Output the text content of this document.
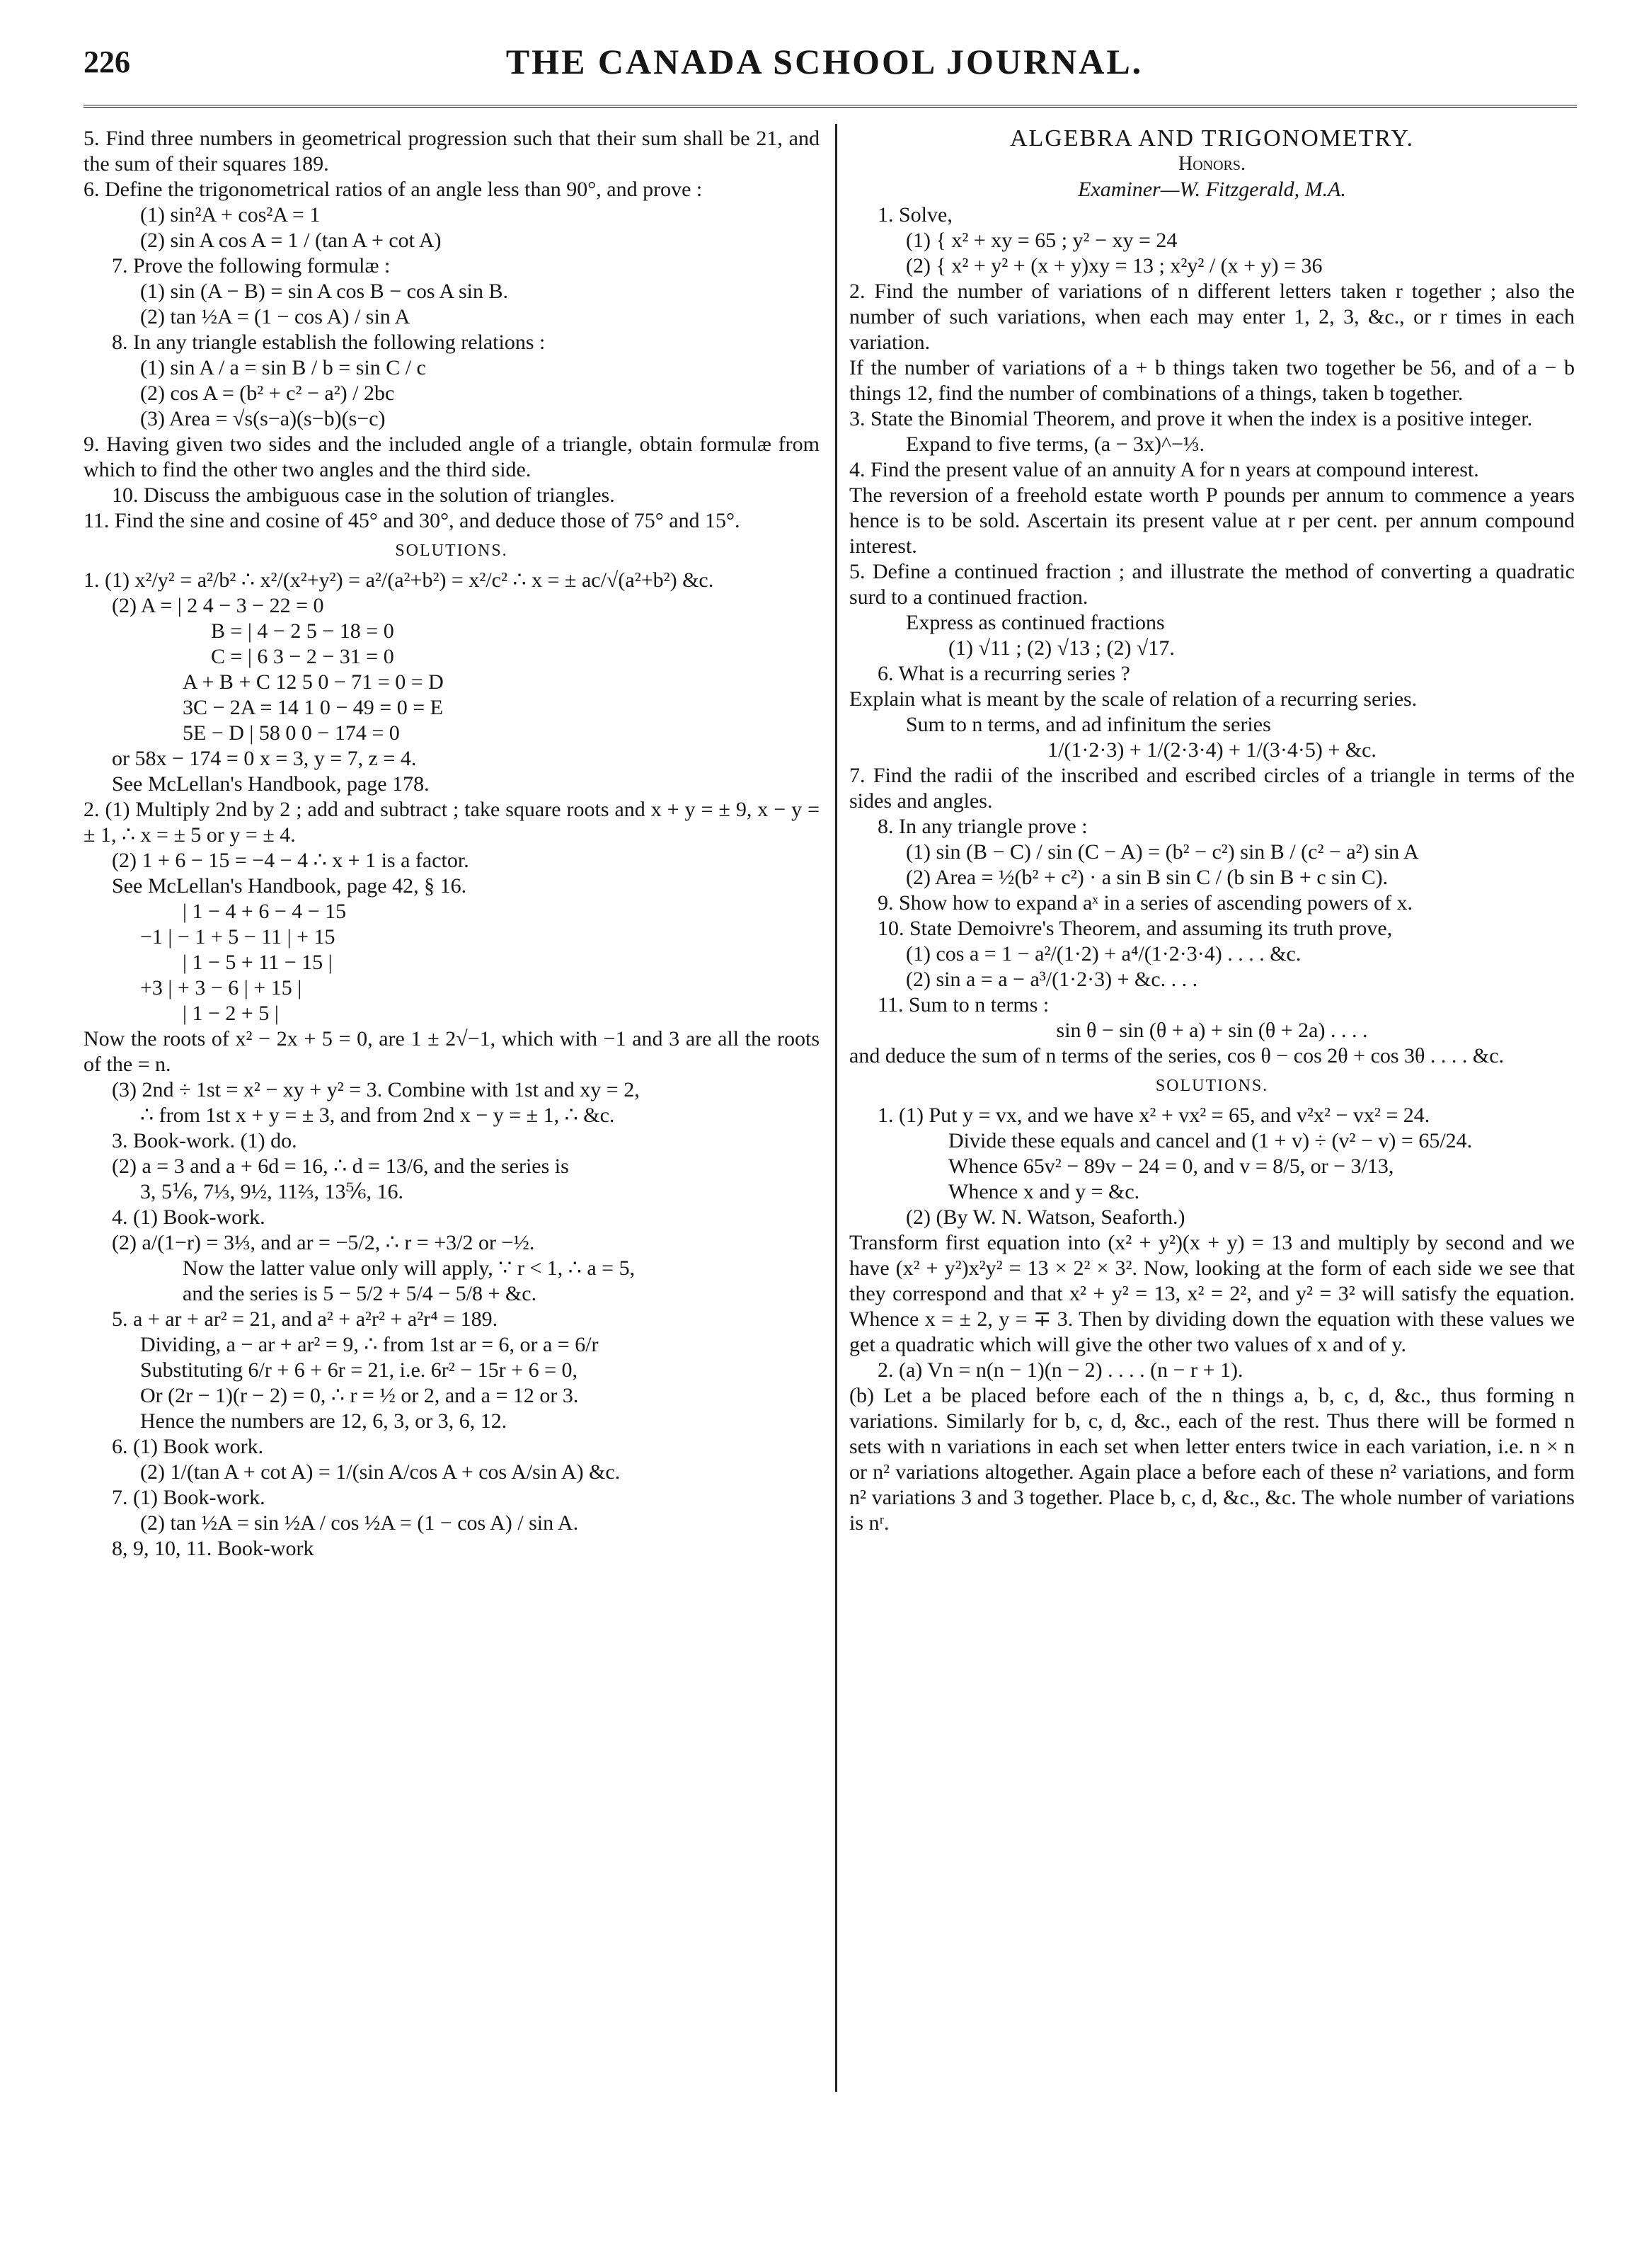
226	THE CANADA SCHOOL JOURNAL.
5. Find three numbers in geometrical progression such that their sum shall be 21, and the sum of their squares 189.
6. Define the trigonometrical ratios of an angle less than 90°, and prove :
(1) sin²A + cos²A = 1
(2) sin A cos A = 1 / (tan A + cot A)
7. Prove the following formulæ :
(1) sin (A − B) = sin A cos B − cos A sin B.
(2) tan ½A = (1 − cos A) / sin A
8. In any triangle establish the following relations :
(1) sin A / a = sin B / b = sin C / c
(2) cos A = (b² + c² − a²) / 2bc
(3) Area = √s(s−a)(s−b)(s−c)
9. Having given two sides and the included angle of a triangle, obtain formulæ from which to find the other two angles and the third side.
10. Discuss the ambiguous case in the solution of triangles.
11. Find the sine and cosine of 45° and 30°, and deduce those of 75° and 15°.
SOLUTIONS.
1. (1) x²/y² = a²/b² ∴ x²/(x²+y²) = a²/(a²+b²) = x²/c² ∴ x = ± ac/√(a²+b²) &c.
(2) A = | 2 4 − 3 − 22 = 0
B = | 4 − 2 5 − 18 = 0
C = | 6 3 − 2 − 31 = 0
A + B + C 12 5 0 − 71 = 0 = D
3C − 2A = 14 1 0 − 49 = 0 = E
5E − D | 58 0 0 − 174 = 0
or 58x − 174 = 0 x = 3, y = 7, z = 4.
See McLellan's Handbook, page 178.
2. (1) Multiply 2nd by 2 ; add and subtract ; take square roots and x + y = ± 9, x − y = ± 1, ∴ x = ± 5 or y = ± 4.
(2) 1 + 6 − 15 = −4 − 4 ∴ x + 1 is a factor.
See McLellan's Handbook, page 42, § 16.
| 1 − 4 + 6 − 4 − 15
−1 | − 1 + 5 − 11 | + 15
| 1 − 5 + 11 − 15 |
+3 | + 3 − 6 | + 15 |
| 1 − 2 + 5 |
Now the roots of x² − 2x + 5 = 0, are 1 ± 2√−1, which with −1 and 3 are all the roots of the = n.
(3) 2nd ÷ 1st = x² − xy + y² = 3. Combine with 1st and xy = 2,
∴ from 1st x + y = ± 3, and from 2nd x − y = ± 1, ∴ &c.
3. Book-work. (1) do.
(2) a = 3 and a + 6d = 16, ∴ d = 13/6, and the series is
3, 5⅙, 7⅓, 9½, 11⅔, 13⅚, 16.
4. (1) Book-work.
(2) a/(1−r) = 3⅓, and ar = −5/2, ∴ r = +3/2 or −½.
Now the latter value only will apply, ∵ r < 1, ∴ a = 5,
and the series is 5 − 5/2 + 5/4 − 5/8 + &c.
5. a + ar + ar² = 21, and a² + a²r² + a²r⁴ = 189.
Dividing, a − ar + ar² = 9, ∴ from 1st ar = 6, or a = 6/r
Substituting 6/r + 6 + 6r = 21, i.e. 6r² − 15r + 6 = 0,
Or (2r − 1)(r − 2) = 0, ∴ r = ½ or 2, and a = 12 or 3.
Hence the numbers are 12, 6, 3, or 3, 6, 12.
6. (1) Book work.
(2) 1/(tan A + cot A) = 1/(sin A/cos A + cos A/sin A) &c.
7. (1) Book-work.
(2) tan ½A = sin ½A / cos ½A = (1 − cos A) / sin A.
8, 9, 10, 11. Book-work
ALGEBRA AND TRIGONOMETRY.
Honors.
Examiner—W. Fitzgerald, M.A.
1. Solve,
(1) { x² + xy = 65 ; y² − xy = 24
(2) { x² + y² + (x + y)xy = 13 ; x²y² / (x + y) = 36
2. Find the number of variations of n different letters taken r together ; also the number of such variations, when each may enter 1, 2, 3, &c., or r times in each variation.
If the number of variations of a + b things taken two together be 56, and of a − b things 12, find the number of combinations of a things, taken b together.
3. State the Binomial Theorem, and prove it when the index is a positive integer.
Expand to five terms, (a − 3x)^−⅓.
4. Find the present value of an annuity A for n years at compound interest.
The reversion of a freehold estate worth P pounds per annum to commence a years hence is to be sold. Ascertain its present value at r per cent. per annum compound interest.
5. Define a continued fraction ; and illustrate the method of converting a quadratic surd to a continued fraction.
Express as continued fractions
(1) √11 ; (2) √13 ; (2) √17.
6. What is a recurring series ?
Explain what is meant by the scale of relation of a recurring series.
Sum to n terms, and ad infinitum the series
1/(1·2·3) + 1/(2·3·4) + 1/(3·4·5) + &c.
7. Find the radii of the inscribed and escribed circles of a triangle in terms of the sides and angles.
8. In any triangle prove :
(1) sin (B − C) / sin (C − A) = (b² − c²) sin B / (c² − a²) sin A
(2) Area = ½(b² + c²) · a sin B sin C / (b sin B + c sin C).
9. Show how to expand aˣ in a series of ascending powers of x.
10. State Demoivre's Theorem, and assuming its truth prove,
(1) cos a = 1 − a²/(1·2) + a⁴/(1·2·3·4) . . . . &c.
(2) sin a = a − a³/(1·2·3) + &c. . . .
11. Sum to n terms :
sin θ − sin (θ + a) + sin (θ + 2a) . . . .
and deduce the sum of n terms of the series, cos θ − cos 2θ + cos 3θ . . . . &c.
SOLUTIONS.
1. (1) Put y = vx, and we have x² + vx² = 65, and v²x² − vx² = 24.
Divide these equals and cancel and (1 + v) ÷ (v² − v) = 65/24.
Whence 65v² − 89v − 24 = 0, and v = 8/5, or − 3/13,
Whence x and y = &c.
(2) (By W. N. Watson, Seaforth.)
Transform first equation into (x² + y²)(x + y) = 13 and multiply by second and we have (x² + y²)x²y² = 13 × 2² × 3². Now, looking at the form of each side we see that they correspond and that x² + y² = 13, x² = 2², and y² = 3² will satisfy the equation. Whence x = ± 2, y = ∓ 3. Then by dividing down the equation with these values we get a quadratic which will give the other two values of x and of y.
2. (a) Vn = n(n − 1)(n − 2) . . . . (n − r + 1).
(b) Let a be placed before each of the n things a, b, c, d, &c., thus forming n variations. Similarly for b, c, d, &c., each of the rest. Thus there will be formed n sets with n variations in each set when letter enters twice in each variation, i.e. n × n or n² variations altogether. Again place a before each of these n² variations, and form n² variations 3 and 3 together. Place b, c, d, &c., &c. The whole number of variations is nʳ.
